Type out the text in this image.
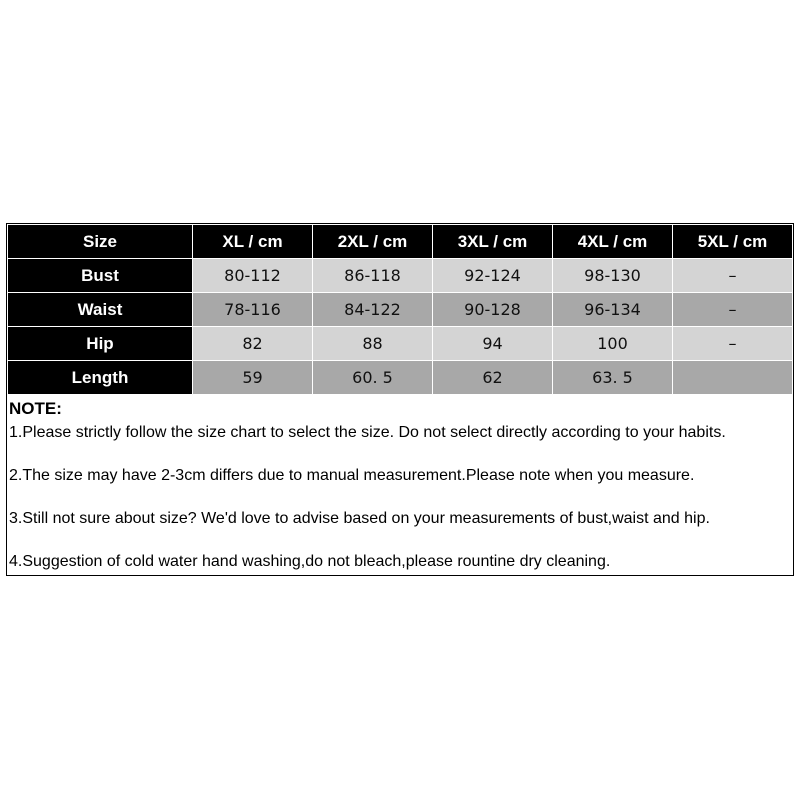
Size	XL / cm	2XL / cm	3XL / cm	4XL / cm	5XL / cm
Bust	80-112	86-118	92-124	98-130	–
Waist	78-116	84-122	90-128	96-134	–
Hip	82	88	94	100	–
Length	59	60. 5	62	63. 5	

NOTE:

1.Please strictly follow the size chart to select the size. Do not select directly according to your habits.

2.The size may have 2-3cm differs due to manual measurement.Please note when you measure.

3.Still not sure about size? We'd love to advise based on your measurements of bust,waist and hip.

4.Suggestion of cold water hand washing,do not bleach,please rountine dry cleaning.
